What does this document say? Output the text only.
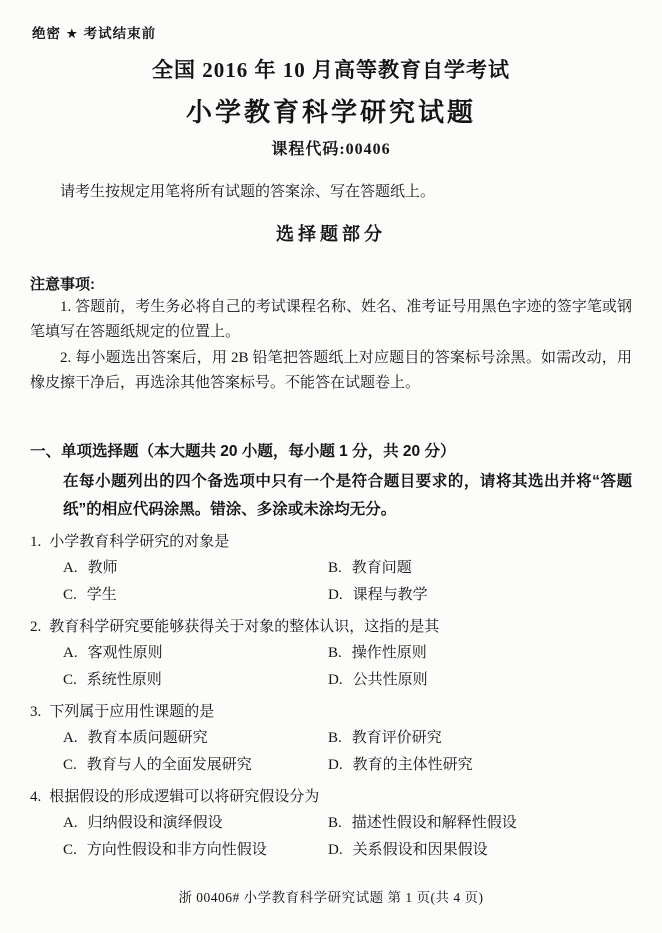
绝密 ★ 考试结束前
全国 2016 年 10 月高等教育自学考试
小学教育科学研究试题
课程代码:00406

请考生按规定用笔将所有试题的答案涂、写在答题纸上。

选择题部分
注意事项:

1. 答题前，考生务必将自己的考试课程名称、姓名、准考证号用黑色字迹的签字笔或钢笔填写在答题纸规定的位置上。

2. 每小题选出答案后，用 2B 铅笔把答题纸上对应题目的答案标号涂黑。如需改动，用橡皮擦干净后，再选涂其他答案标号。不能答在试题卷上。

一、单项选择题（本大题共 20 小题，每小题 1 分，共 20 分）
在每小题列出的四个备选项中只有一个是符合题目要求的，请将其选出并将“答题纸”的相应代码涂黑。错涂、多涂或未涂均无分。
1. 小学教育科学研究的对象是
A. 教师	B. 教育问题
C. 学生	D. 课程与教学
2. 教育科学研究要能够获得关于对象的整体认识，这指的是其
A. 客观性原则	B. 操作性原则
C. 系统性原则	D. 公共性原则
3. 下列属于应用性课题的是
A. 教育本质问题研究	B. 教育评价研究
C. 教育与人的全面发展研究	D. 教育的主体性研究
4. 根据假设的形成逻辑可以将研究假设分为
A. 归纳假设和演绎假设	B. 描述性假设和解释性假设
C. 方向性假设和非方向性假设	D. 关系假设和因果假设
浙 00406# 小学教育科学研究试题 第 1 页(共 4 页)
